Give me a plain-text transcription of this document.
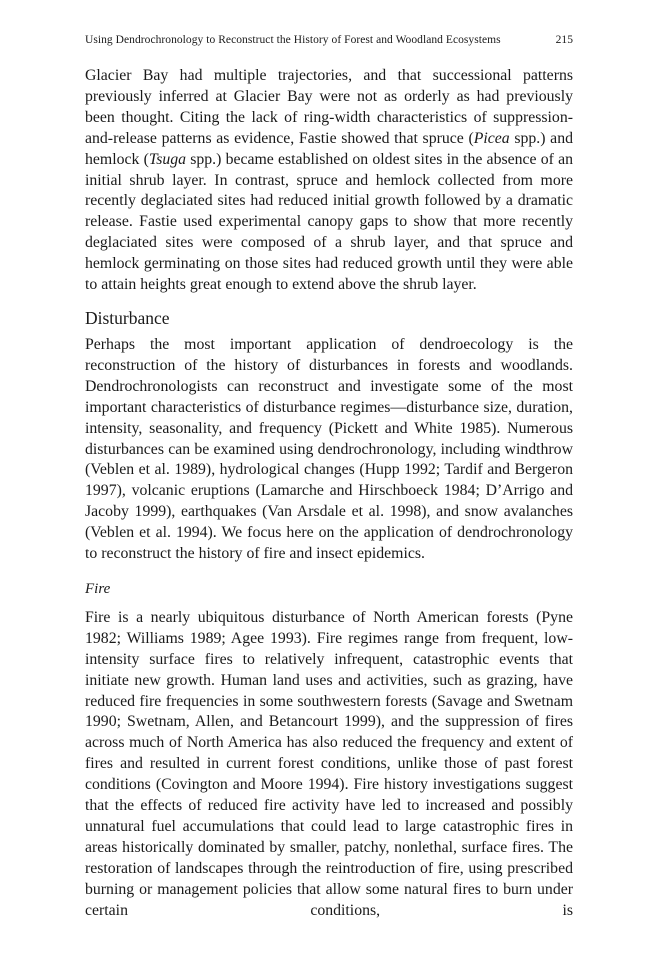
Using Dendrochronology to Reconstruct the History of Forest and Woodland Ecosystems	215

Glacier Bay had multiple trajectories, and that successional patterns previously inferred at Glacier Bay were not as orderly as had previously been thought. Citing the lack of ring-width characteristics of suppression-and-release patterns as evidence, Fastie showed that spruce (Picea spp.) and hemlock (Tsuga spp.) became established on oldest sites in the absence of an initial shrub layer. In contrast, spruce and hemlock collected from more recently deglaciated sites had reduced initial growth followed by a dramatic release. Fastie used experimental canopy gaps to show that more recently deglaciated sites were composed of a shrub layer, and that spruce and hemlock germinating on those sites had reduced growth until they were able to attain heights great enough to extend above the shrub layer.

Disturbance

Perhaps the most important application of dendroecology is the reconstruction of the history of disturbances in forests and woodlands. Dendrochronologists can reconstruct and investigate some of the most important characteristics of disturbance regimes—disturbance size, duration, intensity, seasonality, and frequency (Pickett and White 1985). Numerous disturbances can be examined using dendrochronology, including windthrow (Veblen et al. 1989), hydrological changes (Hupp 1992; Tardif and Bergeron 1997), volcanic eruptions (Lamarche and Hirschboeck 1984; D’Arrigo and Jacoby 1999), earthquakes (Van Arsdale et al. 1998), and snow avalanches (Veblen et al. 1994). We focus here on the application of dendrochronology to reconstruct the history of fire and insect epidemics.

Fire

Fire is a nearly ubiquitous disturbance of North American forests (Pyne 1982; Williams 1989; Agee 1993). Fire regimes range from frequent, low-intensity surface fires to relatively infrequent, catastrophic events that initiate new growth. Human land uses and activities, such as grazing, have reduced fire frequencies in some southwestern forests (Savage and Swetnam 1990; Swetnam, Allen, and Betancourt 1999), and the suppression of fires across much of North America has also reduced the frequency and extent of fires and resulted in current forest conditions, unlike those of past forest conditions (Covington and Moore 1994). Fire history investigations suggest that the effects of reduced fire activity have led to increased and possibly unnatural fuel accumulations that could lead to large catastrophic fires in areas historically dominated by smaller, patchy, nonlethal, surface fires. The restoration of landscapes through the reintroduction of fire, using prescribed burning or management policies that allow some natural fires to burn under certain conditions, is
